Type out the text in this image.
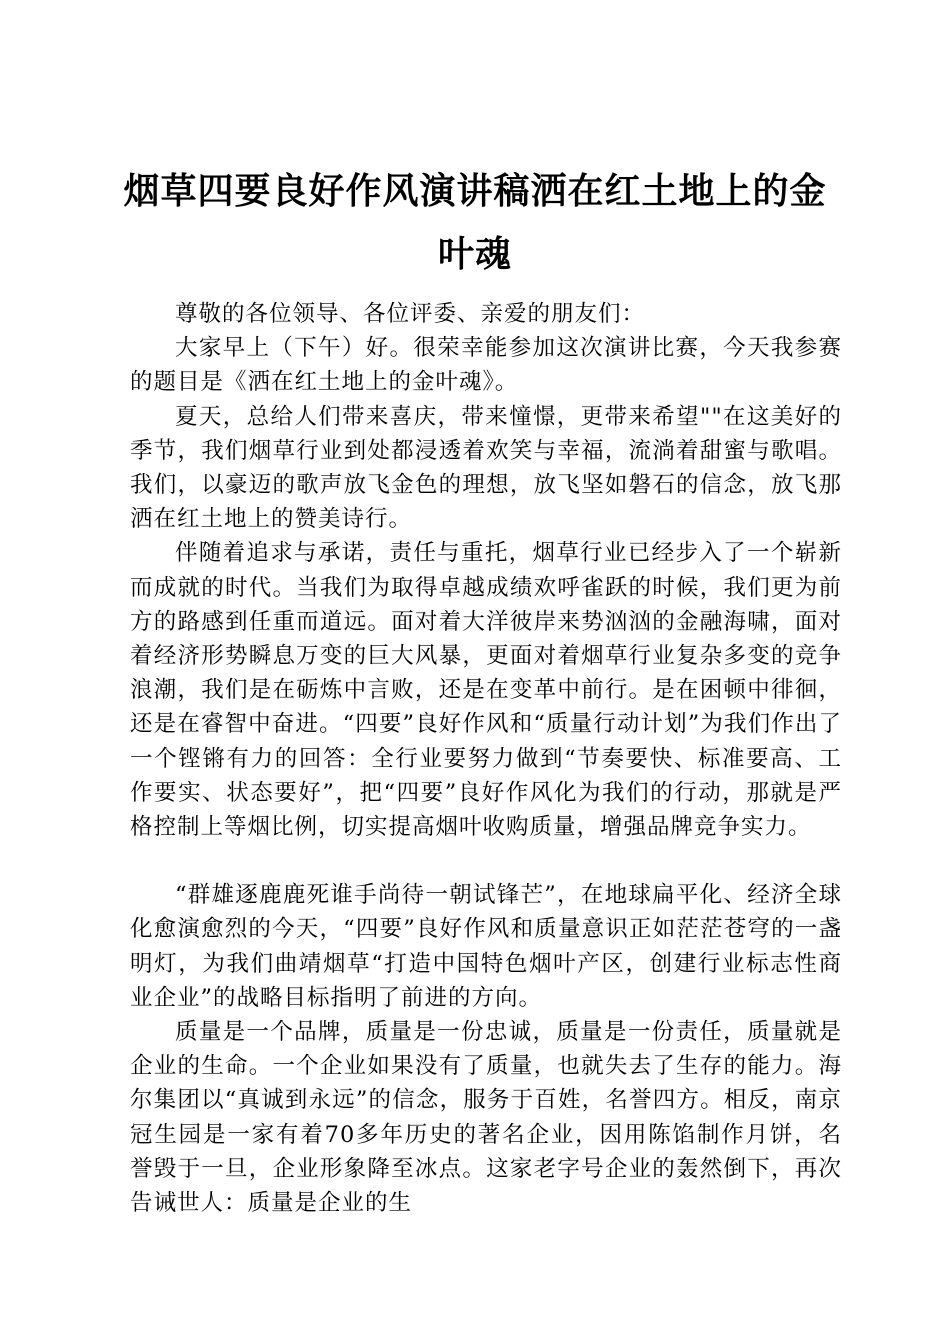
烟草四要良好作风演讲稿洒在红土地上的金叶魂

尊敬的各位领导、各位评委、亲爱的朋友们：

大家早上（下午）好。很荣幸能参加这次演讲比赛，今天我参赛的题目是《洒在红土地上的金叶魂》。

夏天，总给人们带来喜庆，带来憧憬，更带来希望""在这美好的季节，我们烟草行业到处都浸透着欢笑与幸福，流淌着甜蜜与歌唱。我们，以豪迈的歌声放飞金色的理想，放飞坚如磐石的信念，放飞那洒在红土地上的赞美诗行。

伴随着追求与承诺，责任与重托，烟草行业已经步入了一个崭新而成就的时代。当我们为取得卓越成绩欢呼雀跃的时候，我们更为前方的路感到任重而道远。面对着大洋彼岸来势汹汹的金融海啸，面对着经济形势瞬息万变的巨大风暴，更面对着烟草行业复杂多变的竞争浪潮，我们是在砺炼中言败，还是在变革中前行。是在困顿中徘徊，还是在睿智中奋进。“四要”良好作风和“质量行动计划”为我们作出了一个铿锵有力的回答：全行业要努力做到“节奏要快、标准要高、工作要实、状态要好”，把“四要”良好作风化为我们的行动，那就是严格控制上等烟比例，切实提高烟叶收购质量，增强品牌竞争实力。

“群雄逐鹿鹿死谁手尚待一朝试锋芒”，在地球扁平化、经济全球化愈演愈烈的今天，“四要”良好作风和质量意识正如茫茫苍穹的一盏明灯，为我们曲靖烟草“打造中国特色烟叶产区，创建行业标志性商业企业”的战略目标指明了前进的方向。

质量是一个品牌，质量是一份忠诚，质量是一份责任，质量就是企业的生命。一个企业如果没有了质量，也就失去了生存的能力。海尔集团以“真诚到永远”的信念，服务于百姓，名誉四方。相反，南京冠生园是一家有着70多年历史的著名企业，因用陈馅制作月饼，名誉毁于一旦，企业形象降至冰点。这家老字号企业的轰然倒下，再次告诫世人：质量是企业的生
